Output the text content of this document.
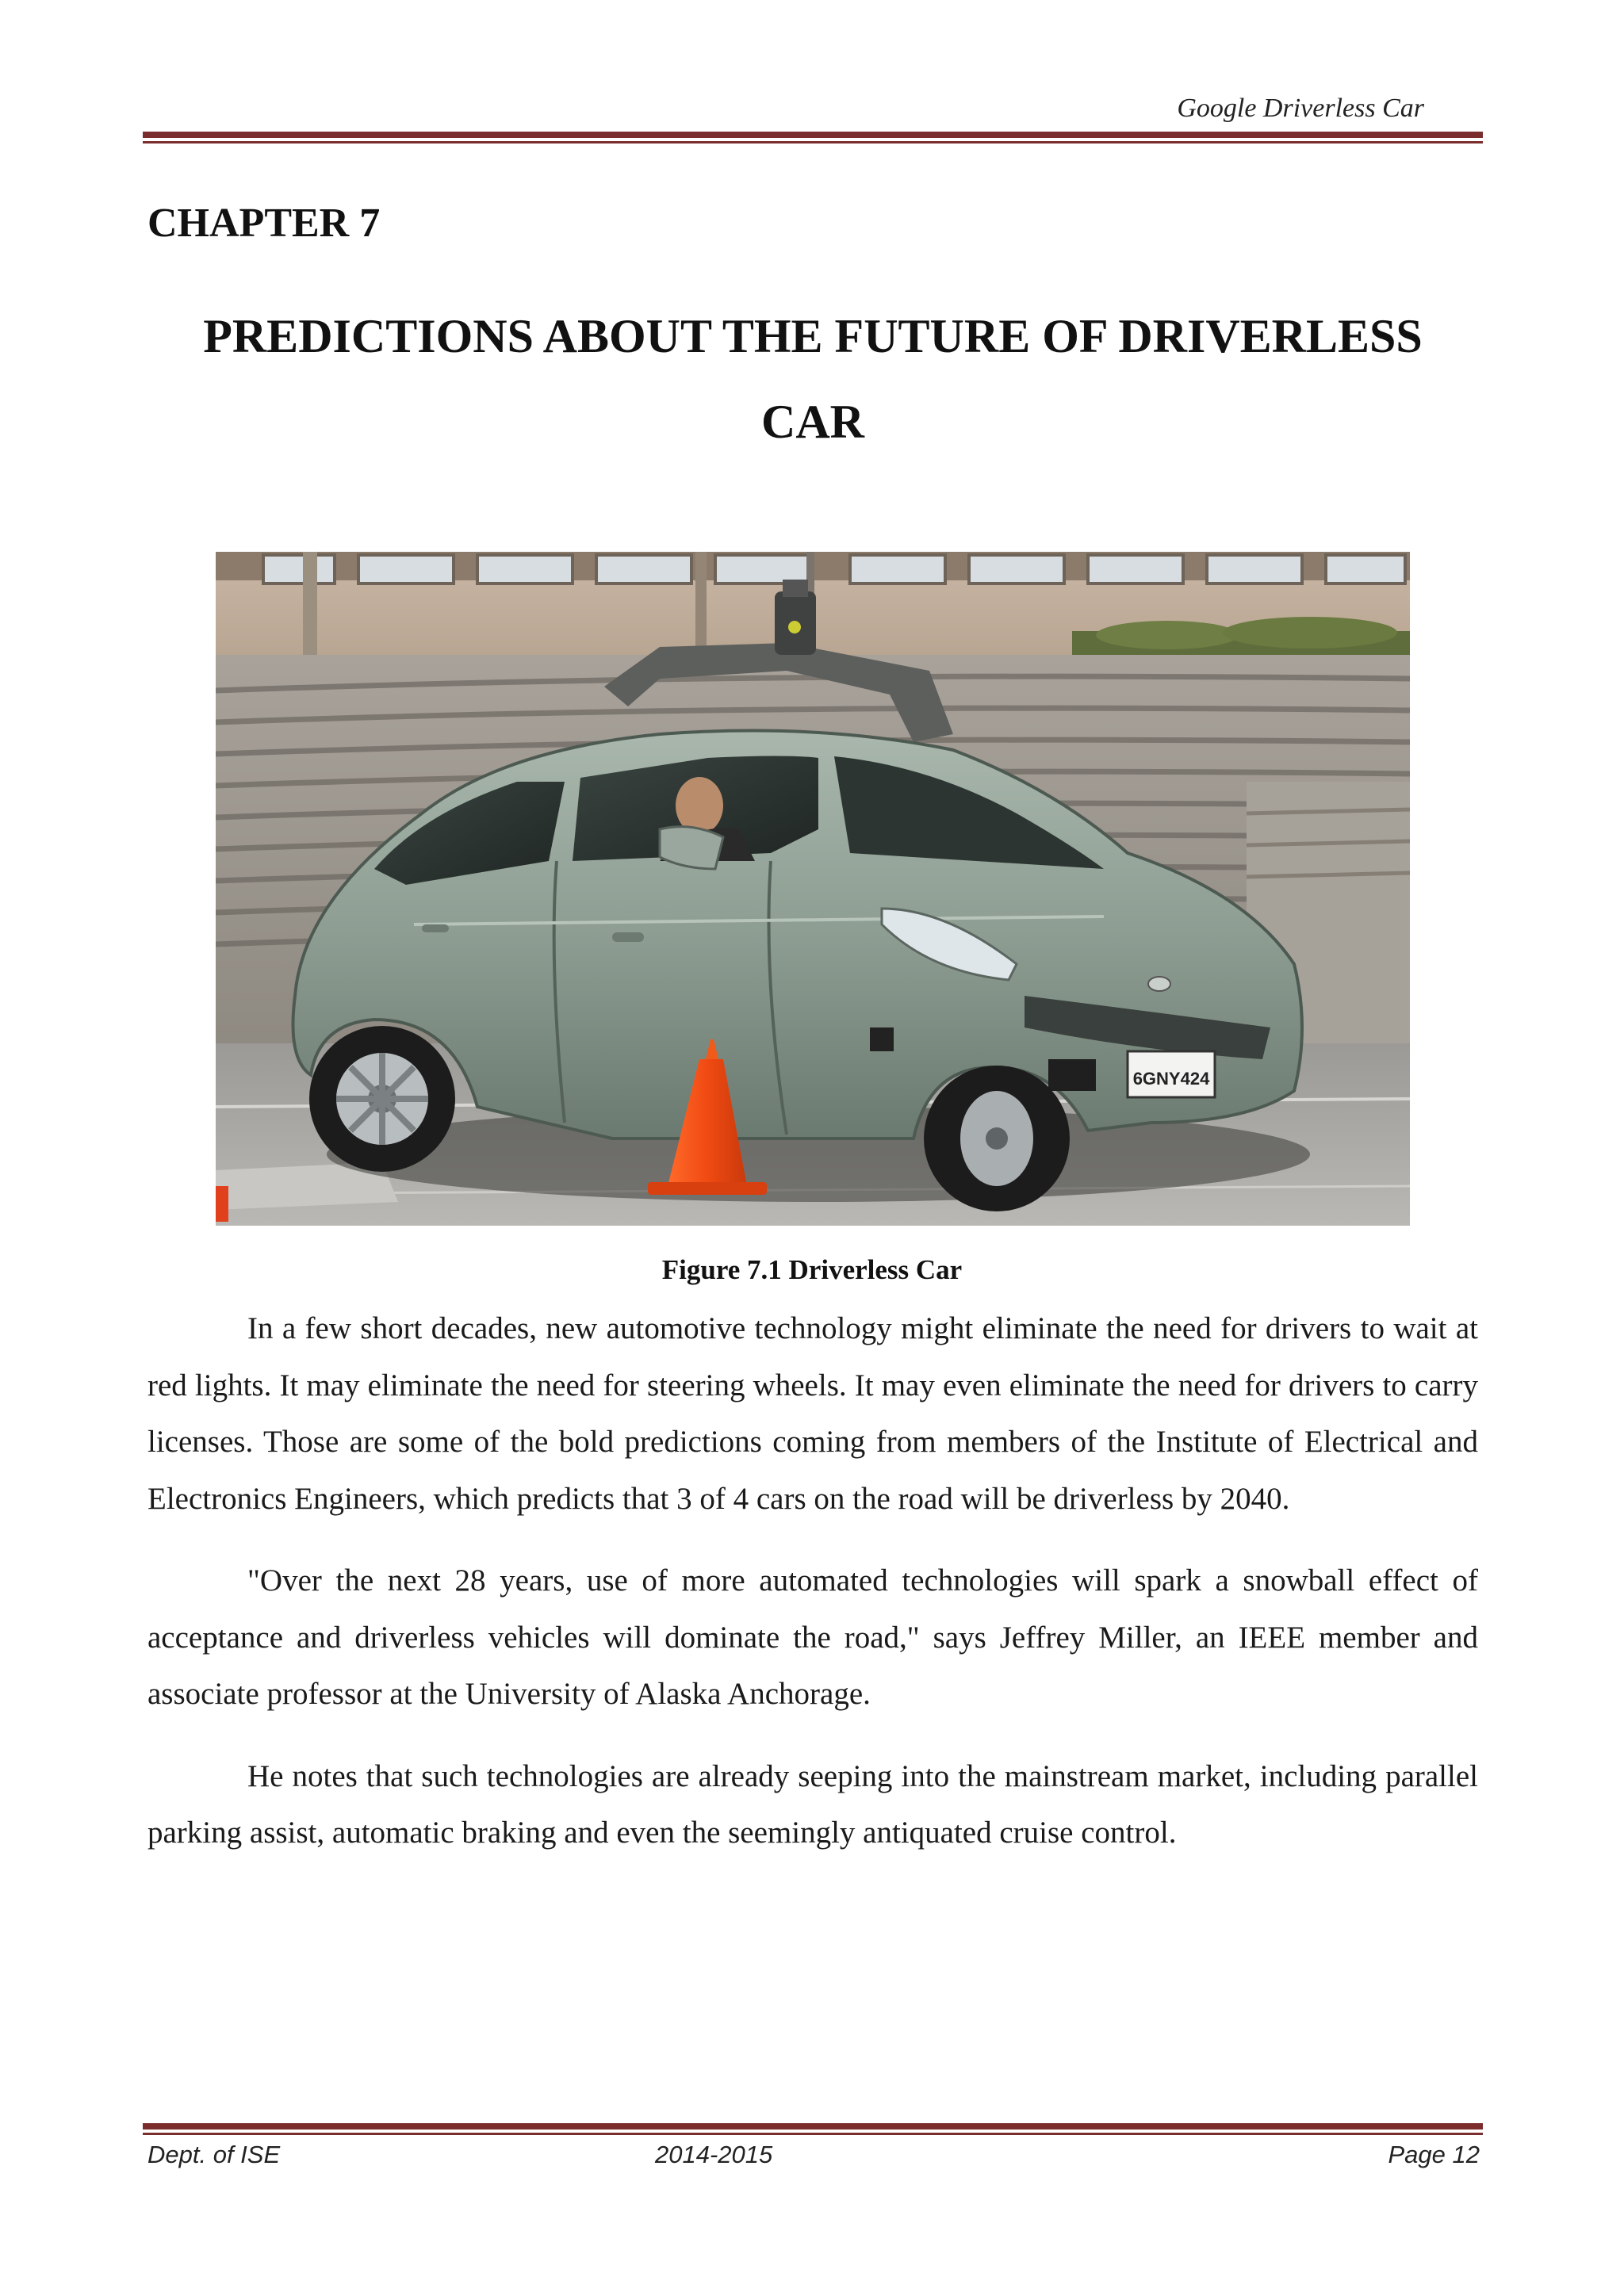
Google Driverless Car
CHAPTER 7
PREDICTIONS ABOUT THE FUTURE OF DRIVERLESS CAR
6GNY424
Figure 7.1 Driverless Car

In a few short decades, new automotive technology might eliminate the need for drivers to wait at red lights. It may eliminate the need for steering wheels. It may even eliminate the need for drivers to carry licenses. Those are some of the bold predictions coming from members of the Institute of Electrical and Electronics Engineers, which predicts that 3 of 4 cars on the road will be driverless by 2040.

"Over the next 28 years, use of more automated technologies will spark a snowball effect of acceptance and driverless vehicles will dominate the road," says Jeffrey Miller, an IEEE member and associate professor at the University of Alaska Anchorage.

He notes that such technologies are already seeping into the mainstream market, including parallel parking assist, automatic braking and even the seemingly antiquated cruise control.

Dept. of ISE	2014-2015	Page 12
